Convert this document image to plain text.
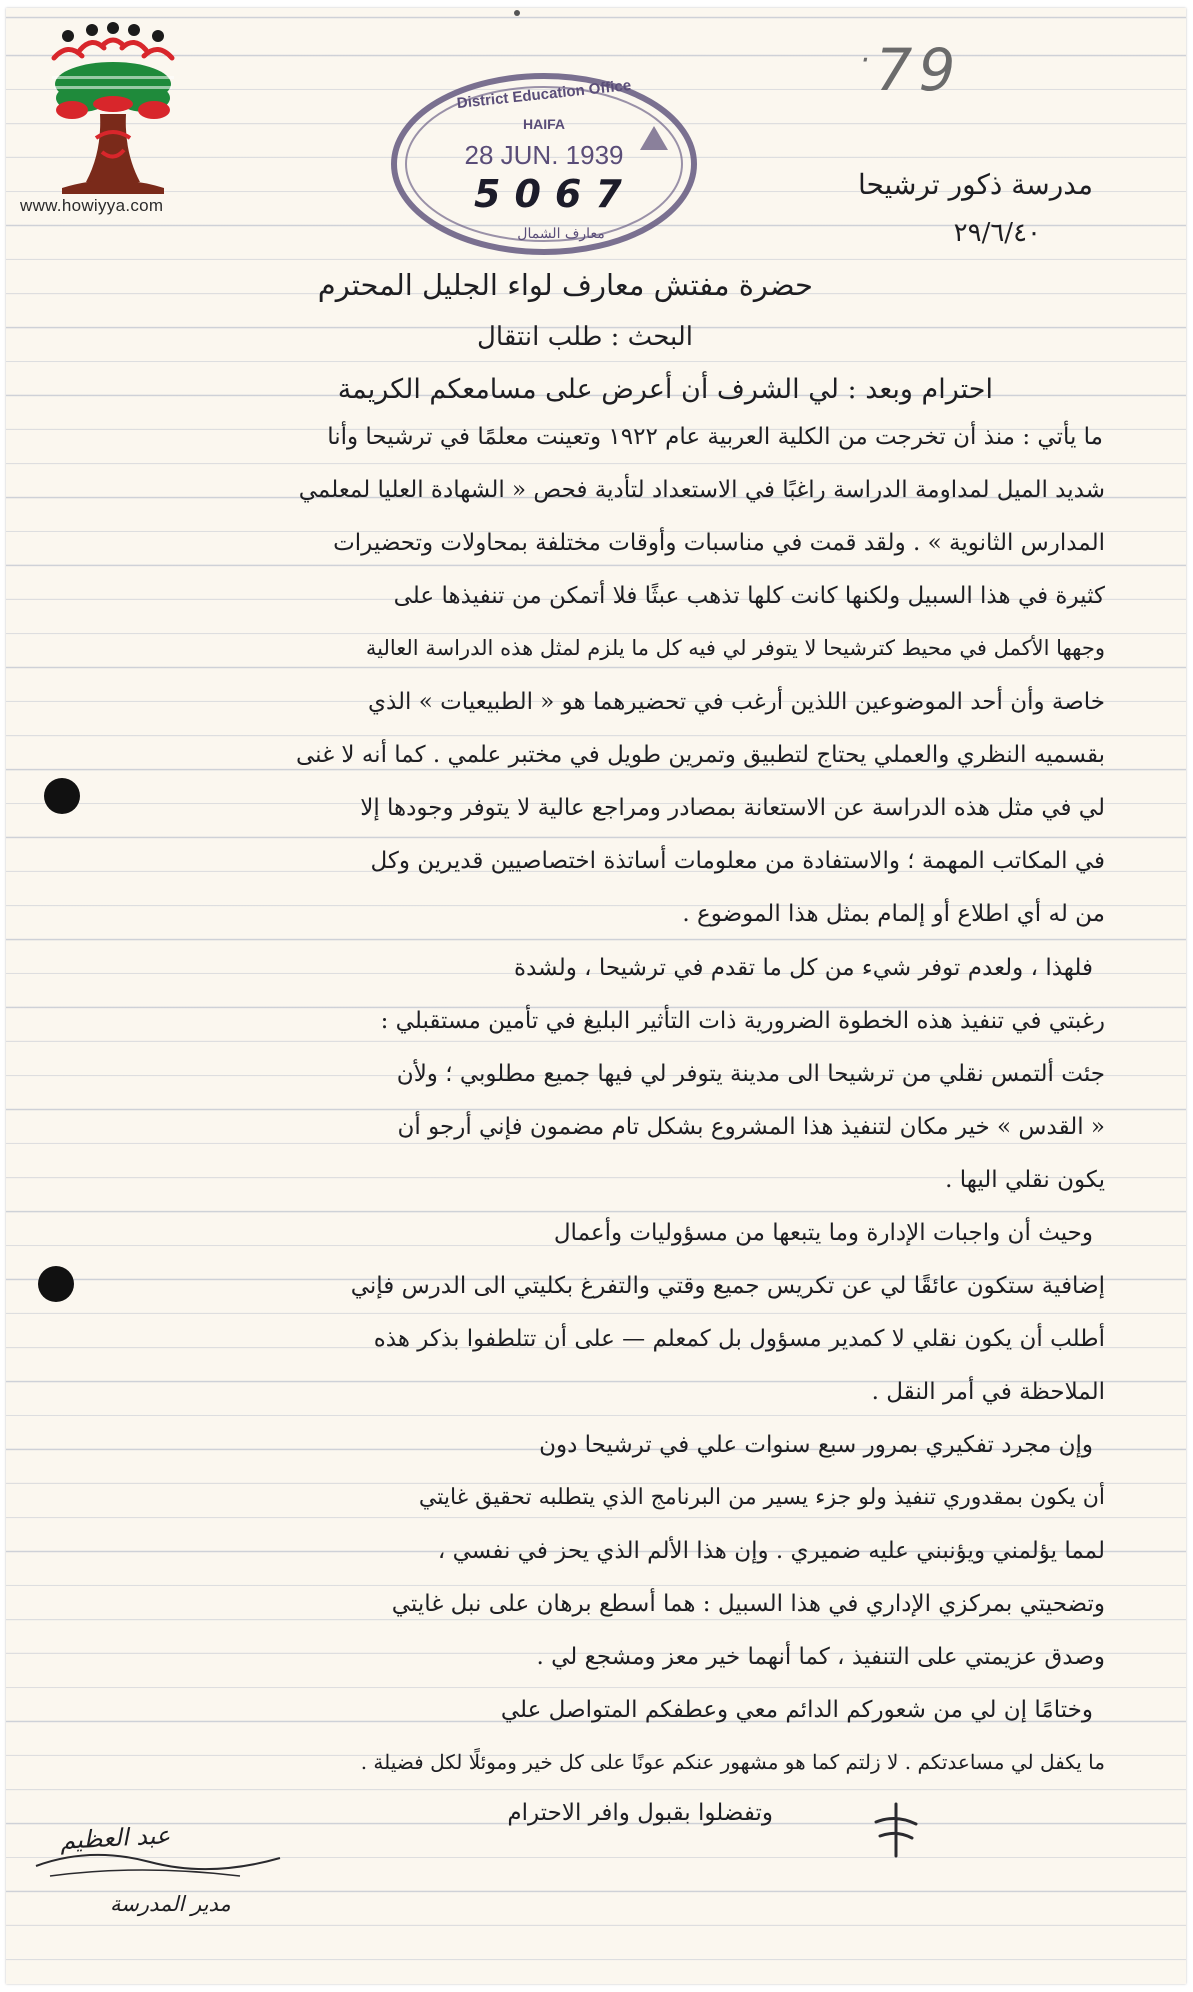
www.howiyya.com
·79
District Education Office
HAIFA
28 JUN. 1939
5067
معارف الشمال
مدرسة ذكور ترشيحا
٢٩/٦/٤٠
حضرة مفتش معارف لواء الجليل المحترم
البحث : طلب انتقال
احترام وبعد : لي الشرف أن أعرض على مسامعكم الكريمة
ما يأتي : منذ أن تخرجت من الكلية العربية عام ١٩٢٢ وتعينت معلمًا في ترشيحا وأنا
شديد الميل لمداومة الدراسة راغبًا في الاستعداد لتأدية فحص « الشهادة العليا لمعلمي
المدارس الثانوية » . ولقد قمت في مناسبات وأوقات مختلفة بمحاولات وتحضيرات
كثيرة في هذا السبيل ولكنها كانت كلها تذهب عبثًا فلا أتمكن من تنفيذها على
وجهها الأكمل في محيط كترشيحا لا يتوفر لي فيه كل ما يلزم لمثل هذه الدراسة العالية
خاصة وأن أحد الموضوعين اللذين أرغب في تحضيرهما هو « الطبيعيات » الذي
بقسميه النظري والعملي يحتاج لتطبيق وتمرين طويل في مختبر علمي . كما أنه لا غنى
لي في مثل هذه الدراسة عن الاستعانة بمصادر ومراجع عالية لا يتوفر وجودها إلا
في المكاتب المهمة ؛ والاستفادة من معلومات أساتذة اختصاصيين قديرين وكل
من له أي اطلاع أو إلمام بمثل هذا الموضوع .
فلهذا ، ولعدم توفر شيء من كل ما تقدم في ترشيحا ، ولشدة
رغبتي في تنفيذ هذه الخطوة الضرورية ذات التأثير البليغ في تأمين مستقبلي :
جئت ألتمس نقلي من ترشيحا الى مدينة يتوفر لي فيها جميع مطلوبي ؛ ولأن
« القدس » خير مكان لتنفيذ هذا المشروع بشكل تام مضمون فإني أرجو أن
يكون نقلي اليها .
وحيث أن واجبات الإدارة وما يتبعها من مسؤوليات وأعمال
إضافية ستكون عائقًا لي عن تكريس جميع وقتي والتفرغ بكليتي الى الدرس فإني
أطلب أن يكون نقلي لا كمدير مسؤول بل كمعلم — على أن تتلطفوا بذكر هذه
الملاحظة في أمر النقل .
وإن مجرد تفكيري بمرور سبع سنوات علي في ترشيحا دون
أن يكون بمقدوري تنفيذ ولو جزء يسير من البرنامج الذي يتطلبه تحقيق غايتي
لمما يؤلمني ويؤنبني عليه ضميري . وإن هذا الألم الذي يحز في نفسي ،
وتضحيتي بمركزي الإداري في هذا السبيل : هما أسطع برهان على نبل غايتي
وصدق عزيمتي على التنفيذ ، كما أنهما خير معز ومشجع لي .
وختامًا إن لي من شعوركم الدائم معي وعطفكم المتواصل علي
ما يكفل لي مساعدتكم . لا زلتم كما هو مشهور عنكم عونًا على كل خير وموئلًا لكل فضيلة .
وتفضلوا بقبول وافر الاحترام
عبد العظيم
مدير المدرسة
